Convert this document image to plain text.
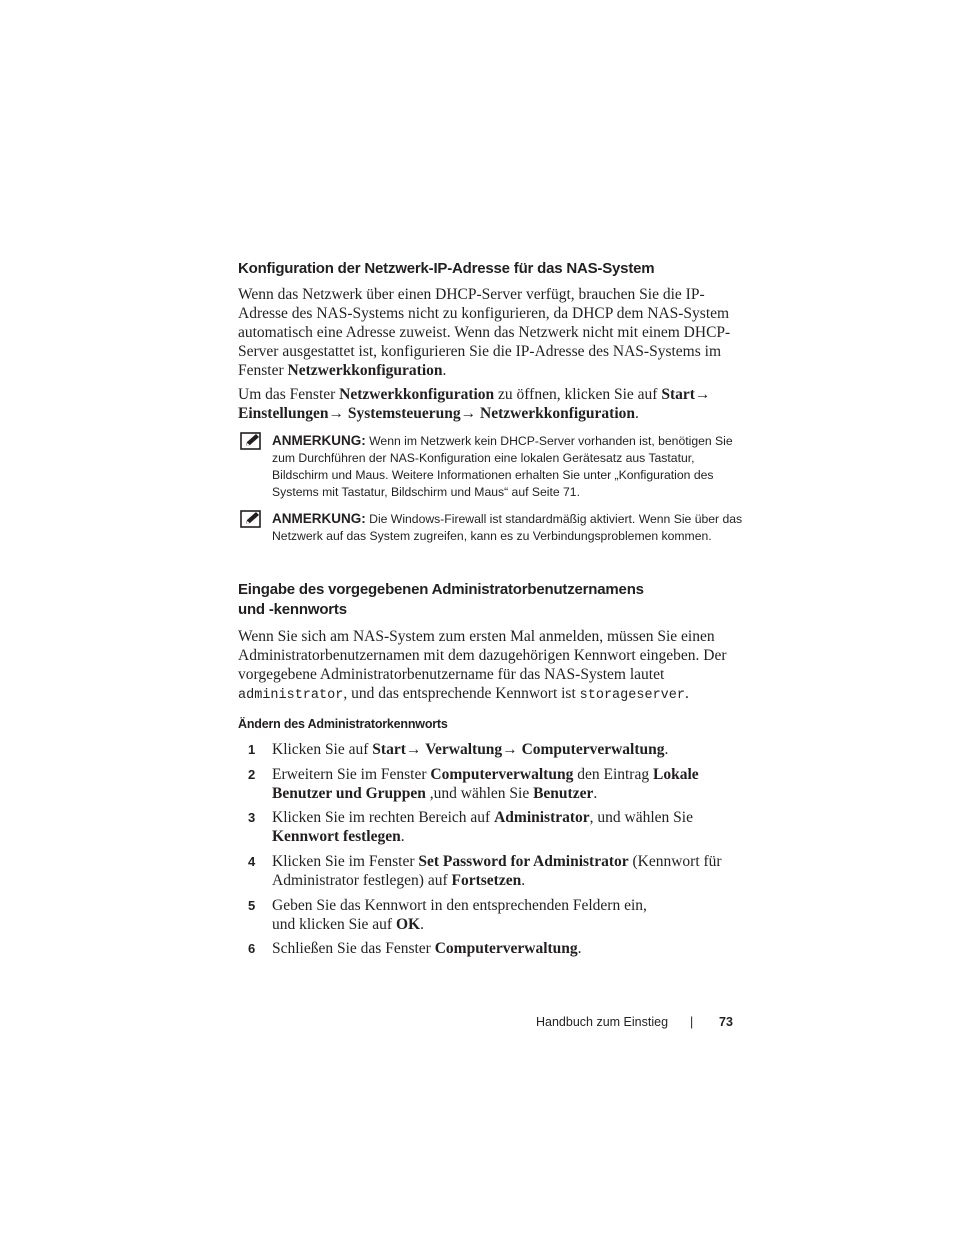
Konfiguration der Netzwerk-IP-Adresse für das NAS-System
Wenn das Netzwerk über einen DHCP-Server verfügt, brauchen Sie die IP-Adresse des NAS-Systems nicht zu konfigurieren, da DHCP dem NAS-System automatisch eine Adresse zuweist. Wenn das Netzwerk nicht mit einem DHCP-Server ausgestattet ist, konfigurieren Sie die IP-Adresse des NAS-Systems im Fenster Netzwerkkonfiguration.
Um das Fenster Netzwerkkonfiguration zu öffnen, klicken Sie auf Start→
Einstellungen→ Systemsteuerung→ Netzwerkkonfiguration.
ANMERKUNG: Wenn im Netzwerk kein DHCP-Server vorhanden ist, benötigen Sie zum Durchführen der NAS-Konfiguration eine lokalen Gerätesatz aus Tastatur, Bildschirm und Maus. Weitere Informationen erhalten Sie unter „Konfiguration des Systems mit Tastatur, Bildschirm und Maus“ auf Seite 71.
ANMERKUNG: Die Windows-Firewall ist standardmäßig aktiviert. Wenn Sie über das Netzwerk auf das System zugreifen, kann es zu Verbindungsproblemen kommen.
Eingabe des vorgegebenen Administratorbenutzernamens
und -kennworts
Wenn Sie sich am NAS-System zum ersten Mal anmelden, müssen Sie einen Administratorbenutzernamen mit dem dazugehörigen Kennwort eingeben. Der vorgegebene Administratorbenutzername für das NAS-System lautet administrator, und das entsprechende Kennwort ist storageserver.
Ändern des Administratorkennworts
1 Klicken Sie auf Start→ Verwaltung→ Computerverwaltung.
2 Erweitern Sie im Fenster Computerverwaltung den Eintrag Lokale Benutzer und Gruppen ,und wählen Sie Benutzer.
3 Klicken Sie im rechten Bereich auf Administrator, und wählen Sie Kennwort festlegen.
4 Klicken Sie im Fenster Set Password for Administrator (Kennwort für Administrator festlegen) auf Fortsetzen.
5 Geben Sie das Kennwort in den entsprechenden Feldern ein,
und klicken Sie auf OK.
6 Schließen Sie das Fenster Computerverwaltung.
Handbuch zum Einstieg | 73
